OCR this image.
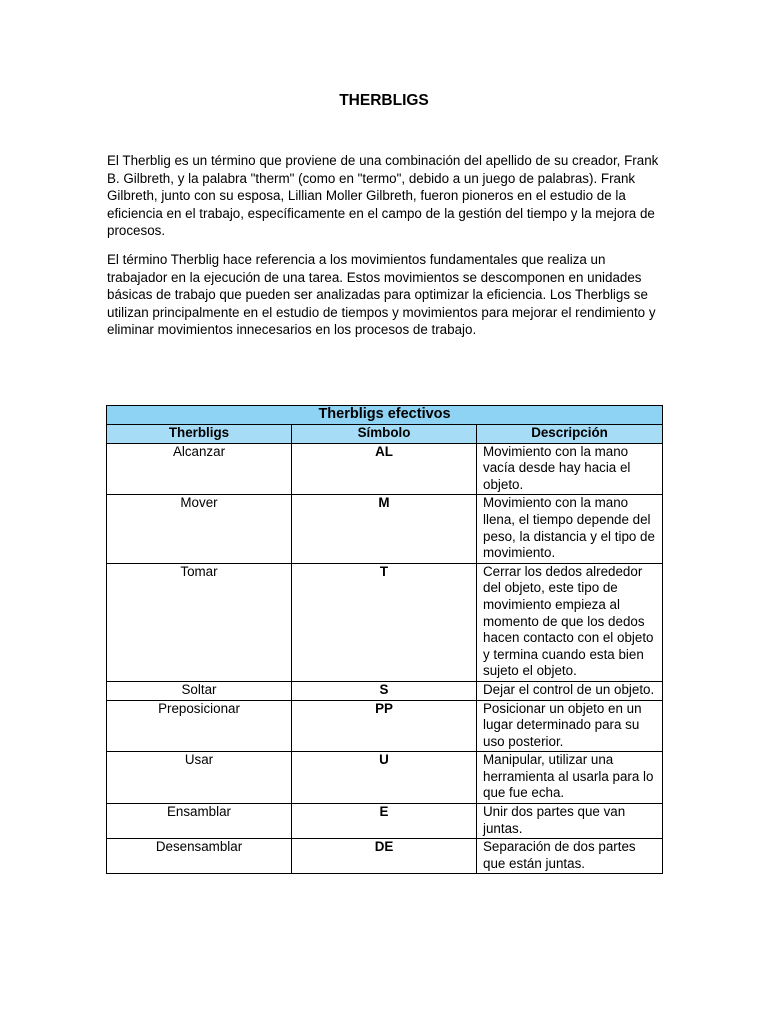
THERBLIGS

El Therblig es un término que proviene de una combinación del apellido de su creador, Frank B. Gilbreth, y la palabra "therm" (como en "termo", debido a un juego de palabras). Frank Gilbreth, junto con su esposa, Lillian Moller Gilbreth, fueron pioneros en el estudio de la eficiencia en el trabajo, específicamente en el campo de la gestión del tiempo y la mejora de procesos.

El término Therblig hace referencia a los movimientos fundamentales que realiza un trabajador en la ejecución de una tarea. Estos movimientos se descomponen en unidades básicas de trabajo que pueden ser analizadas para optimizar la eficiencia. Los Therbligs se utilizan principalmente en el estudio de tiempos y movimientos para mejorar el rendimiento y eliminar movimientos innecesarios en los procesos de trabajo.

Therbligs efectivos		
Therbligs	Símbolo	Descripción
Alcanzar	AL	Movimiento con la mano vacía desde hay hacia el objeto.
Mover	M	Movimiento con la mano llena, el tiempo depende del peso, la distancia y el tipo de movimiento.
Tomar	T	Cerrar los dedos alrededor del objeto, este tipo de movimiento empieza al momento de que los dedos hacen contacto con el objeto y termina cuando esta bien sujeto el objeto.
Soltar	S	Dejar el control de un objeto.
Preposicionar	PP	Posicionar un objeto en un lugar determinado para su uso posterior.
Usar	U	Manipular, utilizar una herramienta al usarla para lo que fue echa.
Ensamblar	E	Unir dos partes que van juntas.
Desensamblar	DE	Separación de dos partes que están juntas.
